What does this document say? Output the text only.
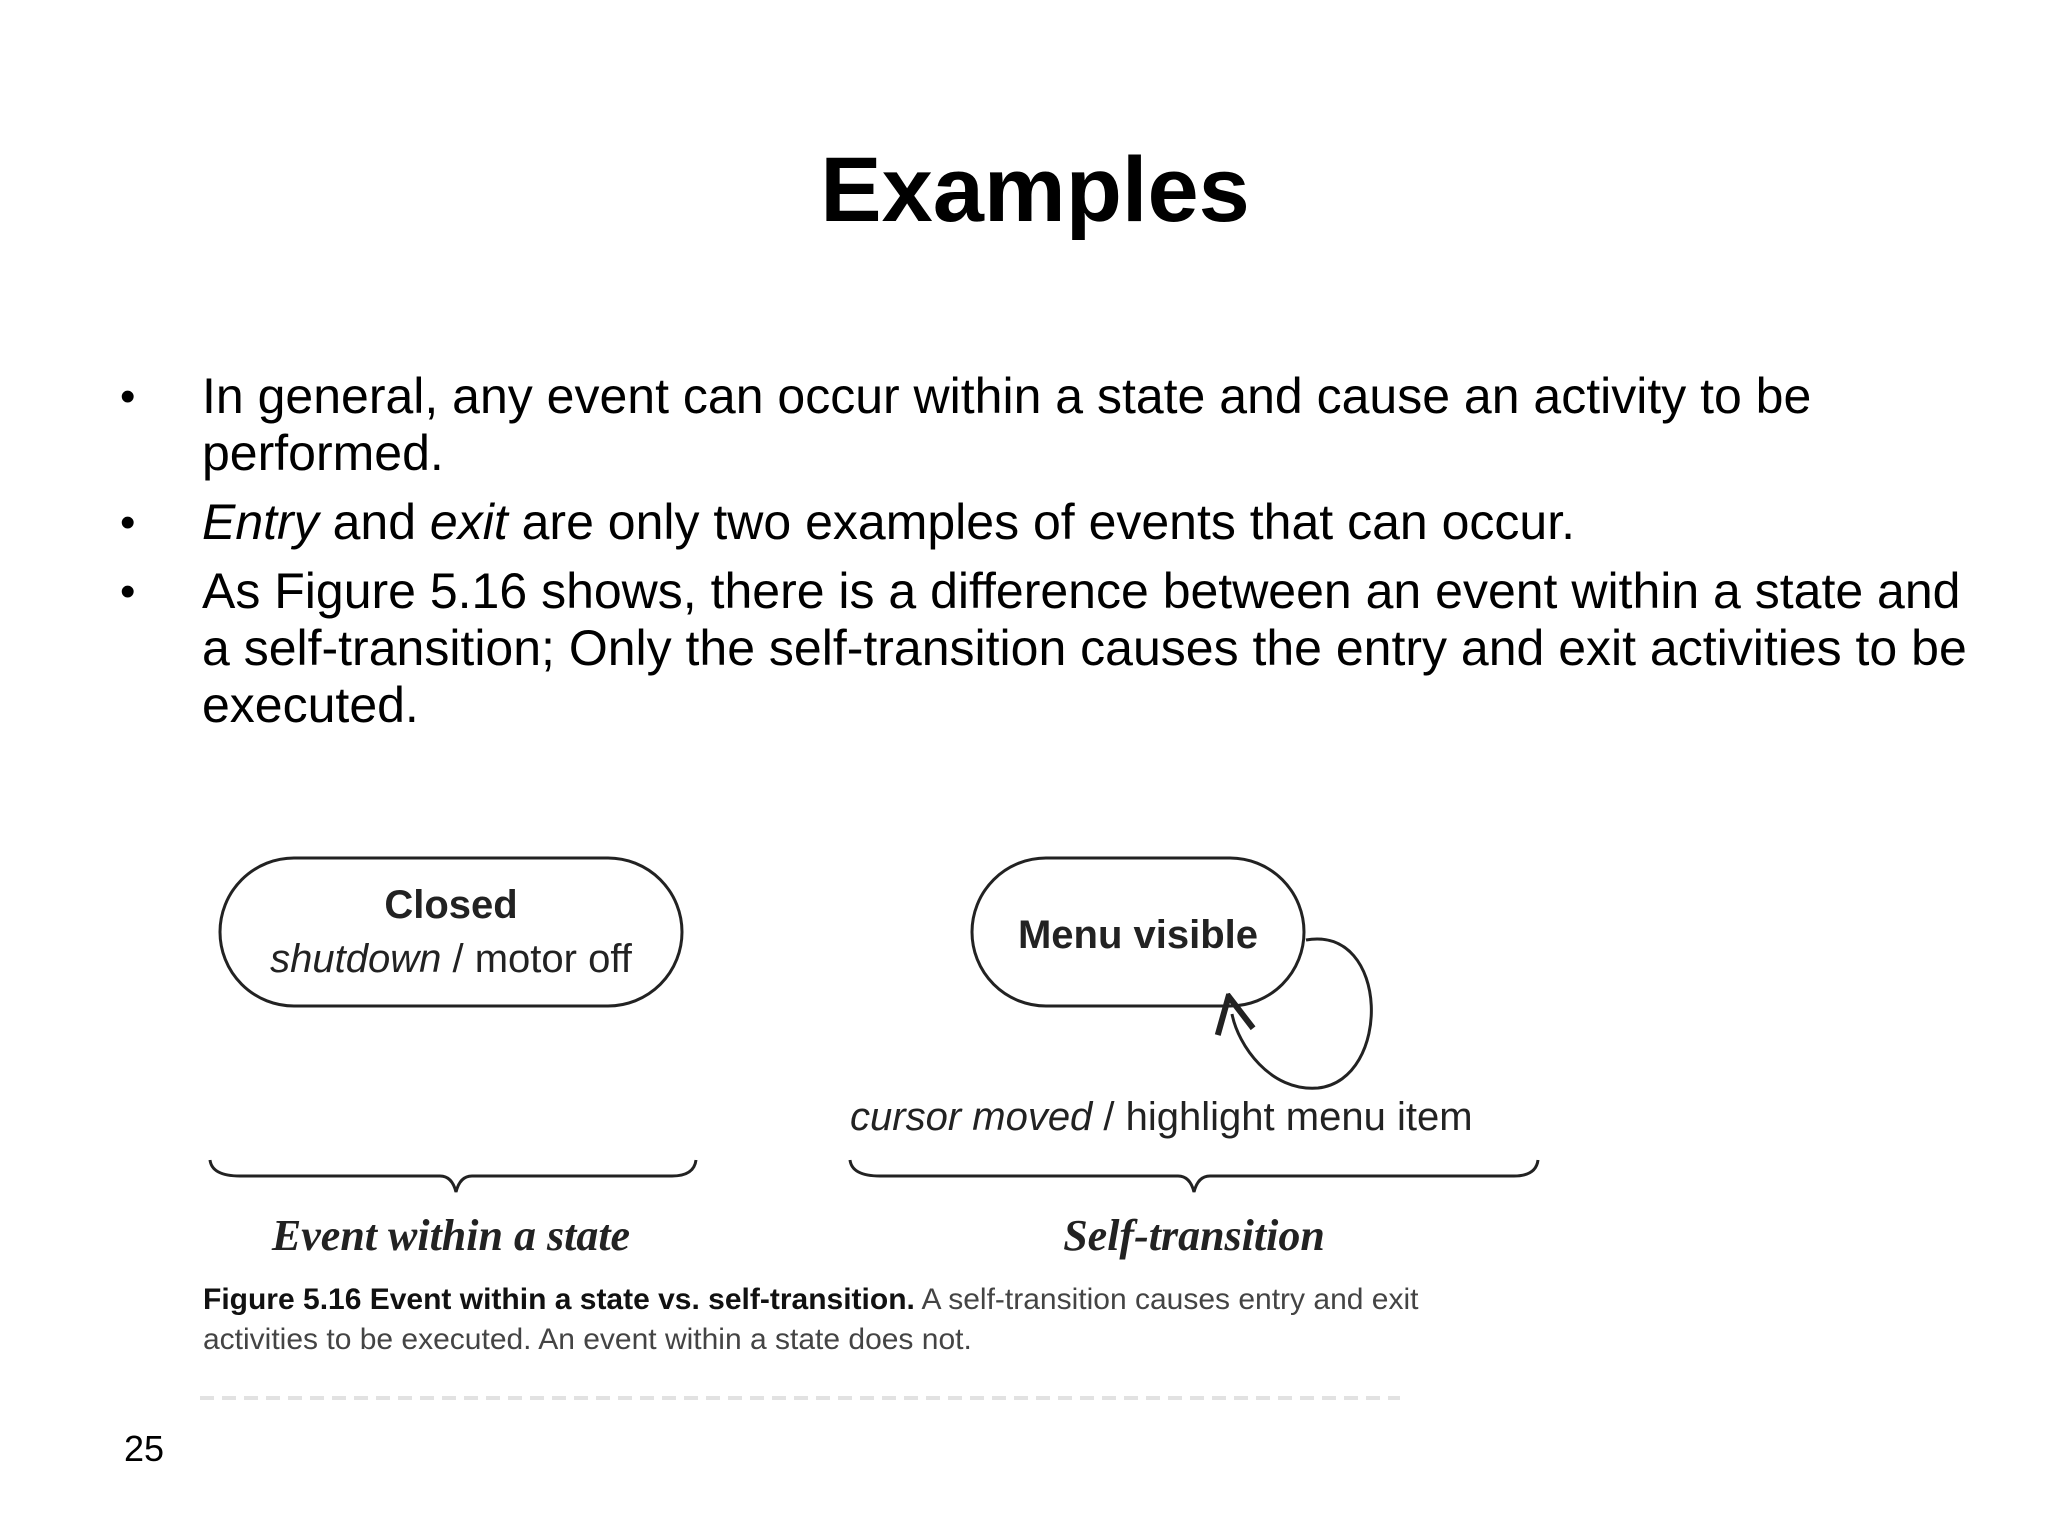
Examples
• In general, any event can occur within a state and cause an activity to be performed.
• Entry and exit are only two examples of events that can occur.
• As Figure 5.16 shows, there is a difference between an event within a state and a self-transition; Only the self-transition causes the entry and exit activities to be executed.
Closed
shutdown / motor off
Menu visible
cursor moved / highlight menu item
Event within a state	Self-transition
Figure 5.16 Event within a state vs. self-transition. A self-transition causes entry and exit activities to be executed. An event within a state does not.
25
